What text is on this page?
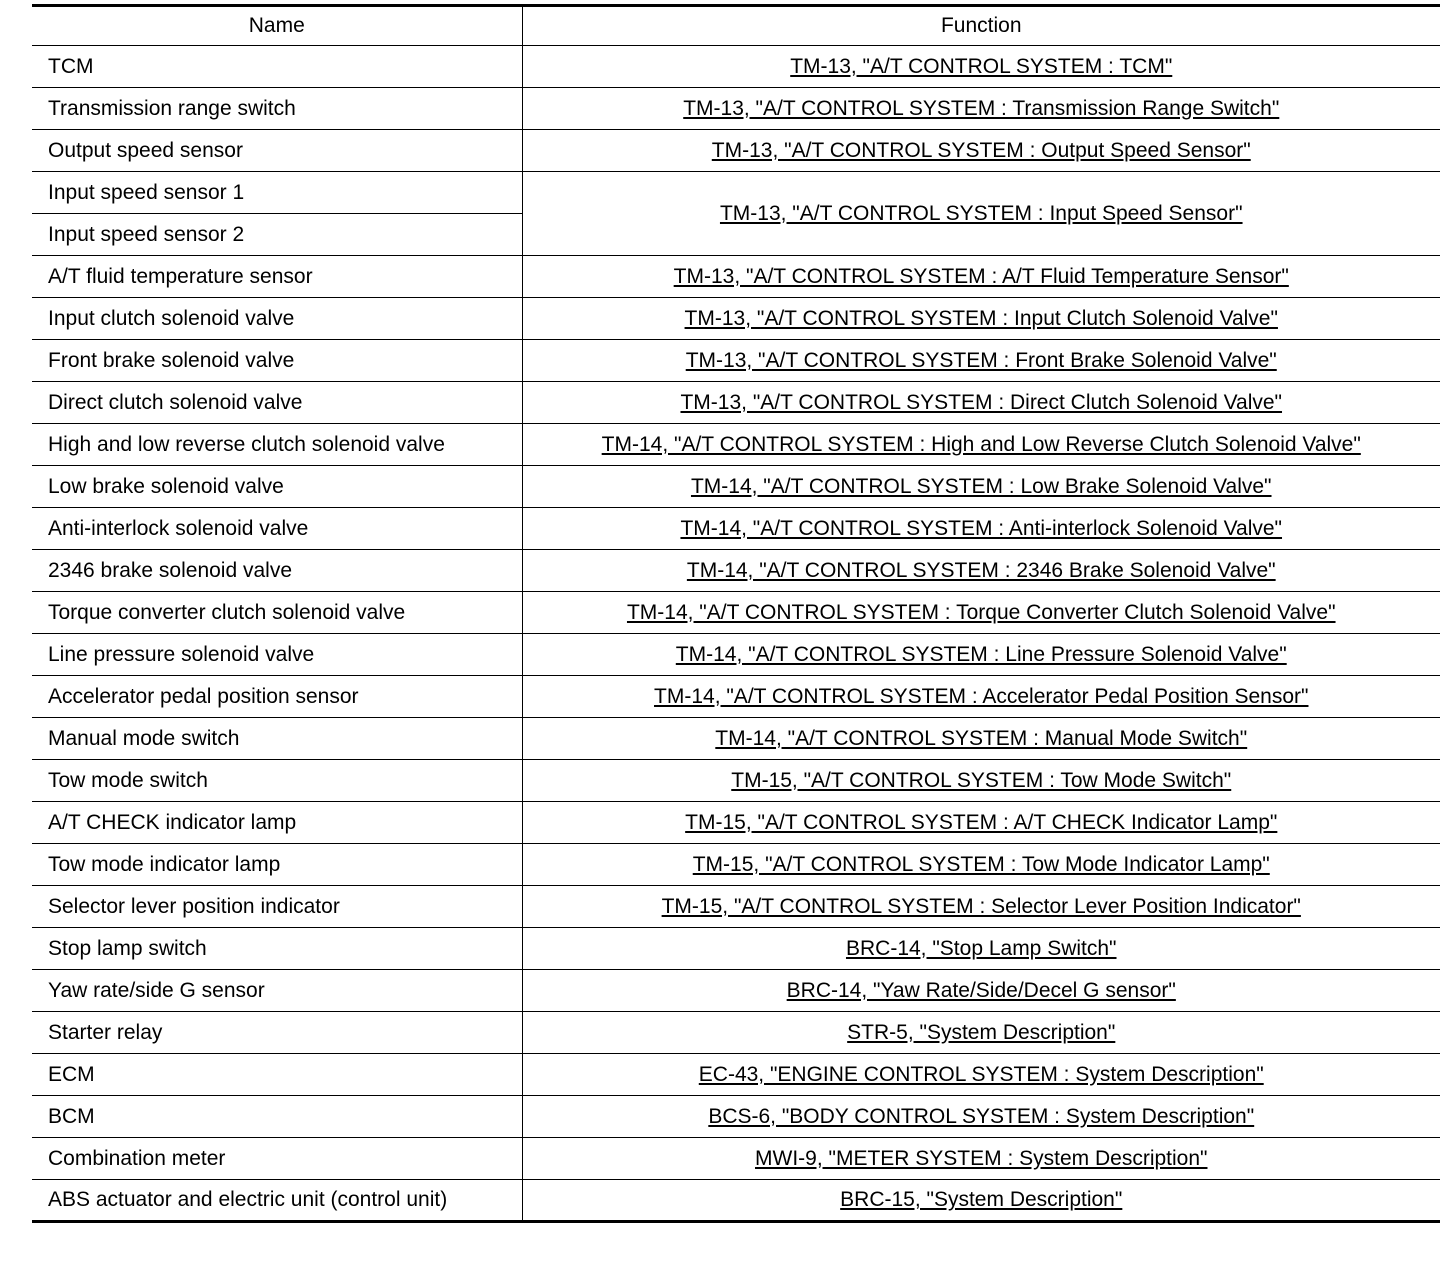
Name	Function
TCM	TM-13, "A/T CONTROL SYSTEM : TCM"
Transmission range switch	TM-13, "A/T CONTROL SYSTEM : Transmission Range Switch"
Output speed sensor	TM-13, "A/T CONTROL SYSTEM : Output Speed Sensor"
Input speed sensor 1	TM-13, "A/T CONTROL SYSTEM : Input Speed Sensor"
Input speed sensor 2	
A/T fluid temperature sensor	TM-13, "A/T CONTROL SYSTEM : A/T Fluid Temperature Sensor"
Input clutch solenoid valve	TM-13, "A/T CONTROL SYSTEM : Input Clutch Solenoid Valve"
Front brake solenoid valve	TM-13, "A/T CONTROL SYSTEM : Front Brake Solenoid Valve"
Direct clutch solenoid valve	TM-13, "A/T CONTROL SYSTEM : Direct Clutch Solenoid Valve"
High and low reverse clutch solenoid valve	TM-14, "A/T CONTROL SYSTEM : High and Low Reverse Clutch Solenoid Valve"
Low brake solenoid valve	TM-14, "A/T CONTROL SYSTEM : Low Brake Solenoid Valve"
Anti-interlock solenoid valve	TM-14, "A/T CONTROL SYSTEM : Anti-interlock Solenoid Valve"
2346 brake solenoid valve	TM-14, "A/T CONTROL SYSTEM : 2346 Brake Solenoid Valve"
Torque converter clutch solenoid valve	TM-14, "A/T CONTROL SYSTEM : Torque Converter Clutch Solenoid Valve"
Line pressure solenoid valve	TM-14, "A/T CONTROL SYSTEM : Line Pressure Solenoid Valve"
Accelerator pedal position sensor	TM-14, "A/T CONTROL SYSTEM : Accelerator Pedal Position Sensor"
Manual mode switch	TM-14, "A/T CONTROL SYSTEM : Manual Mode Switch"
Tow mode switch	TM-15, "A/T CONTROL SYSTEM : Tow Mode Switch"
A/T CHECK indicator lamp	TM-15, "A/T CONTROL SYSTEM : A/T CHECK Indicator Lamp"
Tow mode indicator lamp	TM-15, "A/T CONTROL SYSTEM : Tow Mode Indicator Lamp"
Selector lever position indicator	TM-15, "A/T CONTROL SYSTEM : Selector Lever Position Indicator"
Stop lamp switch	BRC-14, "Stop Lamp Switch"
Yaw rate/side G sensor	BRC-14, "Yaw Rate/Side/Decel G sensor"
Starter relay	STR-5, "System Description"
ECM	EC-43, "ENGINE CONTROL SYSTEM : System Description"
BCM	BCS-6, "BODY CONTROL SYSTEM : System Description"
Combination meter	MWI-9, "METER SYSTEM : System Description"
ABS actuator and electric unit (control unit)	BRC-15, "System Description"
